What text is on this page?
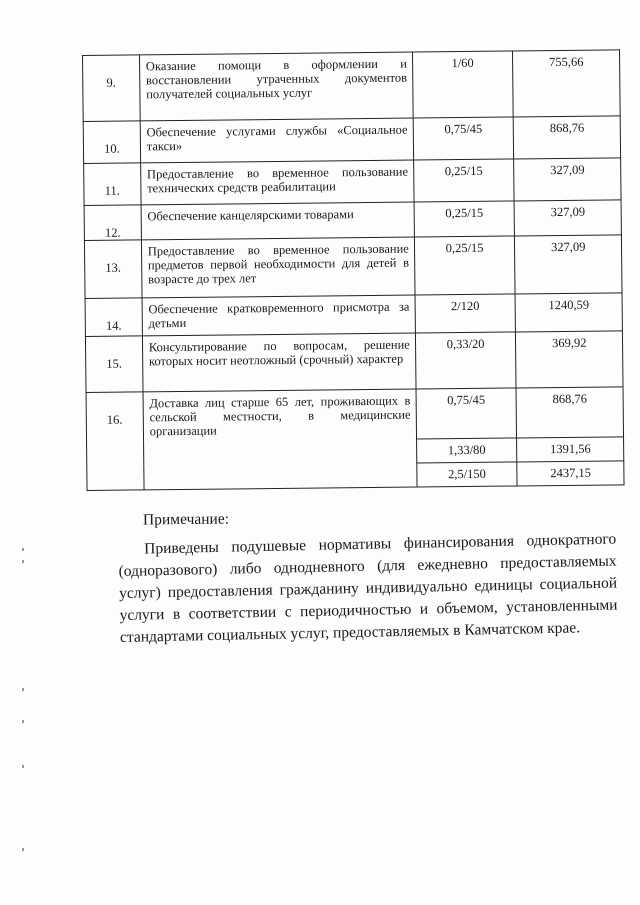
9.	Оказание помощи в оформлении и восстановлении утраченных документов получателей социальных услуг	1/60	755,66
10.	Обеспечение услугами службы «Социальное такси»	0,75/45	868,76
11.	Предоставление во временное пользование технических средств реабилитации	0,25/15	327,09
12.	Обеспечение канцелярскими товарами	0,25/15	327,09
13.	Предоставление во временное пользование предметов первой необходимости для детей в возрасте до трех лет	0,25/15	327,09
14.	Обеспечение кратковременного присмотра за детьми	2/120	1240,59
15.	Консультирование по вопросам, решение которых носит неотложный (срочный) характер	0,33/20	369,92
16.	Доставка лиц старше 65 лет, проживающих в сельской местности, в медицинские организации	0,75/45	868,76
		1,33/80	1391,56
		2,5/150	2437,15
Примечание:
Приведены подушевые нормативы финансирования однократного (одноразового) либо однодневного (для ежедневно предоставляемых услуг) предоставления гражданину индивидуально единицы социальной услуги в соответствии с периодичностью и объемом, установленными стандартами социальных услуг, предоставляемых в Камчатском крае.
